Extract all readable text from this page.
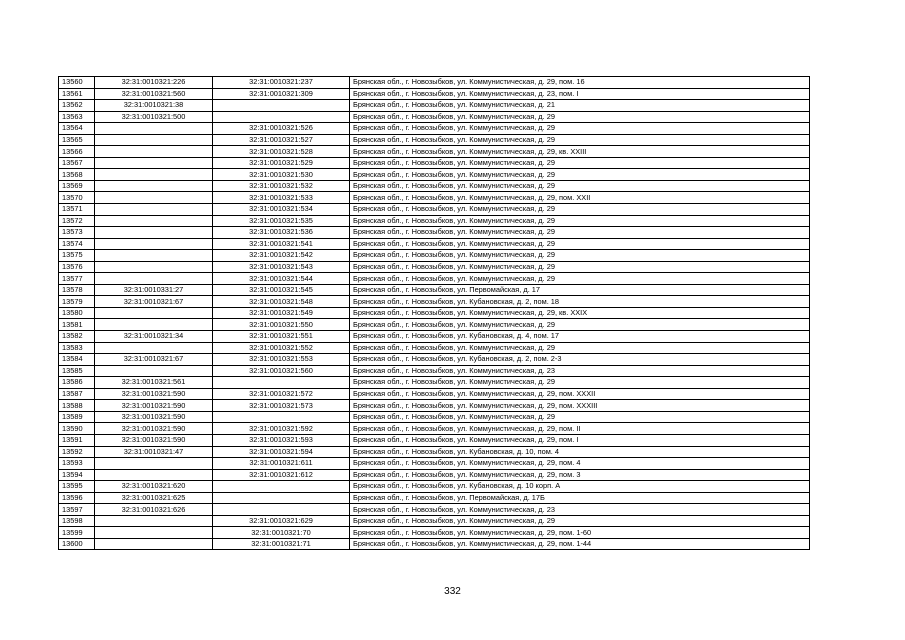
13560	32:31:0010321:226	32:31:0010321:237	Брянская обл., г. Новозыбков, ул. Коммунистическая, д. 29, пом. 16
13561	32:31:0010321:560	32:31:0010321:309	Брянская обл., г. Новозыбков, ул. Коммунистическая, д. 23, пом. I
13562	32:31:0010321:38		Брянская обл., г. Новозыбков, ул. Коммунистическая, д. 21
13563	32:31:0010321:500		Брянская обл., г. Новозыбков, ул. Коммунистическая, д. 29
13564		32:31:0010321:526	Брянская обл., г. Новозыбков, ул. Коммунистическая, д. 29
13565		32:31:0010321:527	Брянская обл., г. Новозыбков, ул. Коммунистическая, д. 29
13566		32:31:0010321:528	Брянская обл., г. Новозыбков, ул. Коммунистическая, д. 29, кв. XXIII
13567		32:31:0010321:529	Брянская обл., г. Новозыбков, ул. Коммунистическая, д. 29
13568		32:31:0010321:530	Брянская обл., г. Новозыбков, ул. Коммунистическая, д. 29
13569		32:31:0010321:532	Брянская обл., г. Новозыбков, ул. Коммунистическая, д. 29
13570		32:31:0010321:533	Брянская обл., г. Новозыбков, ул. Коммунистическая, д. 29, пом. XXII
13571		32:31:0010321:534	Брянская обл., г. Новозыбков, ул. Коммунистическая, д. 29
13572		32:31:0010321:535	Брянская обл., г. Новозыбков, ул. Коммунистическая, д. 29
13573		32:31:0010321:536	Брянская обл., г. Новозыбков, ул. Коммунистическая, д. 29
13574		32:31:0010321:541	Брянская обл., г. Новозыбков, ул. Коммунистическая, д. 29
13575		32:31:0010321:542	Брянская обл., г. Новозыбков, ул. Коммунистическая, д. 29
13576		32:31:0010321:543	Брянская обл., г. Новозыбков, ул. Коммунистическая, д. 29
13577		32:31:0010321:544	Брянская обл., г. Новозыбков, ул. Коммунистическая, д. 29
13578	32:31:0010331:27	32:31:0010321:545	Брянская обл., г. Новозыбков, ул. Первомайская, д. 17
13579	32:31:0010321:67	32:31:0010321:548	Брянская обл., г. Новозыбков, ул. Кубановская, д. 2, пом. 18
13580		32:31:0010321:549	Брянская обл., г. Новозыбков, ул. Коммунистическая, д. 29, кв. XXIX
13581		32:31:0010321:550	Брянская обл., г. Новозыбков, ул. Коммунистическая, д. 29
13582	32:31:0010321:34	32:31:0010321:551	Брянская обл., г. Новозыбков, ул. Кубановская, д. 4, пом. 17
13583		32:31:0010321:552	Брянская обл., г. Новозыбков, ул. Коммунистическая, д. 29
13584	32:31:0010321:67	32:31:0010321:553	Брянская обл., г. Новозыбков, ул. Кубановская, д. 2, пом. 2-3
13585		32:31:0010321:560	Брянская обл., г. Новозыбков, ул. Коммунистическая, д. 23
13586	32:31:0010321:561		Брянская обл., г. Новозыбков, ул. Коммунистическая, д. 29
13587	32:31:0010321:590	32:31:0010321:572	Брянская обл., г. Новозыбков, ул. Коммунистическая, д. 29, пом. XXXII
13588	32:31:0010321:590	32:31:0010321:573	Брянская обл., г. Новозыбков, ул. Коммунистическая, д. 29, пом. XXXIII
13589	32:31:0010321:590		Брянская обл., г. Новозыбков, ул. Коммунистическая, д. 29
13590	32:31:0010321:590	32:31:0010321:592	Брянская обл., г. Новозыбков, ул. Коммунистическая, д. 29, пом. II
13591	32:31:0010321:590	32:31:0010321:593	Брянская обл., г. Новозыбков, ул. Коммунистическая, д. 29, пом. I
13592	32:31:0010321:47	32:31:0010321:594	Брянская обл., г. Новозыбков, ул. Кубановская, д. 10, пом. 4
13593		32:31:0010321:611	Брянская обл., г. Новозыбков, ул. Коммунистическая, д. 29, пом. 4
13594		32:31:0010321:612	Брянская обл., г. Новозыбков, ул. Коммунистическая, д. 29, пом. 3
13595	32:31:0010321:620		Брянская обл., г. Новозыбков, ул. Кубановская, д. 10 корп. А
13596	32:31:0010321:625		Брянская обл., г. Новозыбков, ул. Первомайская, д. 17Б
13597	32:31:0010321:626		Брянская обл., г. Новозыбков, ул. Коммунистическая, д. 23
13598		32:31:0010321:629	Брянская обл., г. Новозыбков, ул. Коммунистическая, д. 29
13599		32:31:0010321:70	Брянская обл., г. Новозыбков, ул. Коммунистическая, д. 29, пом. 1-60
13600		32:31:0010321:71	Брянская обл., г. Новозыбков, ул. Коммунистическая, д. 29, пом. 1-44
332
